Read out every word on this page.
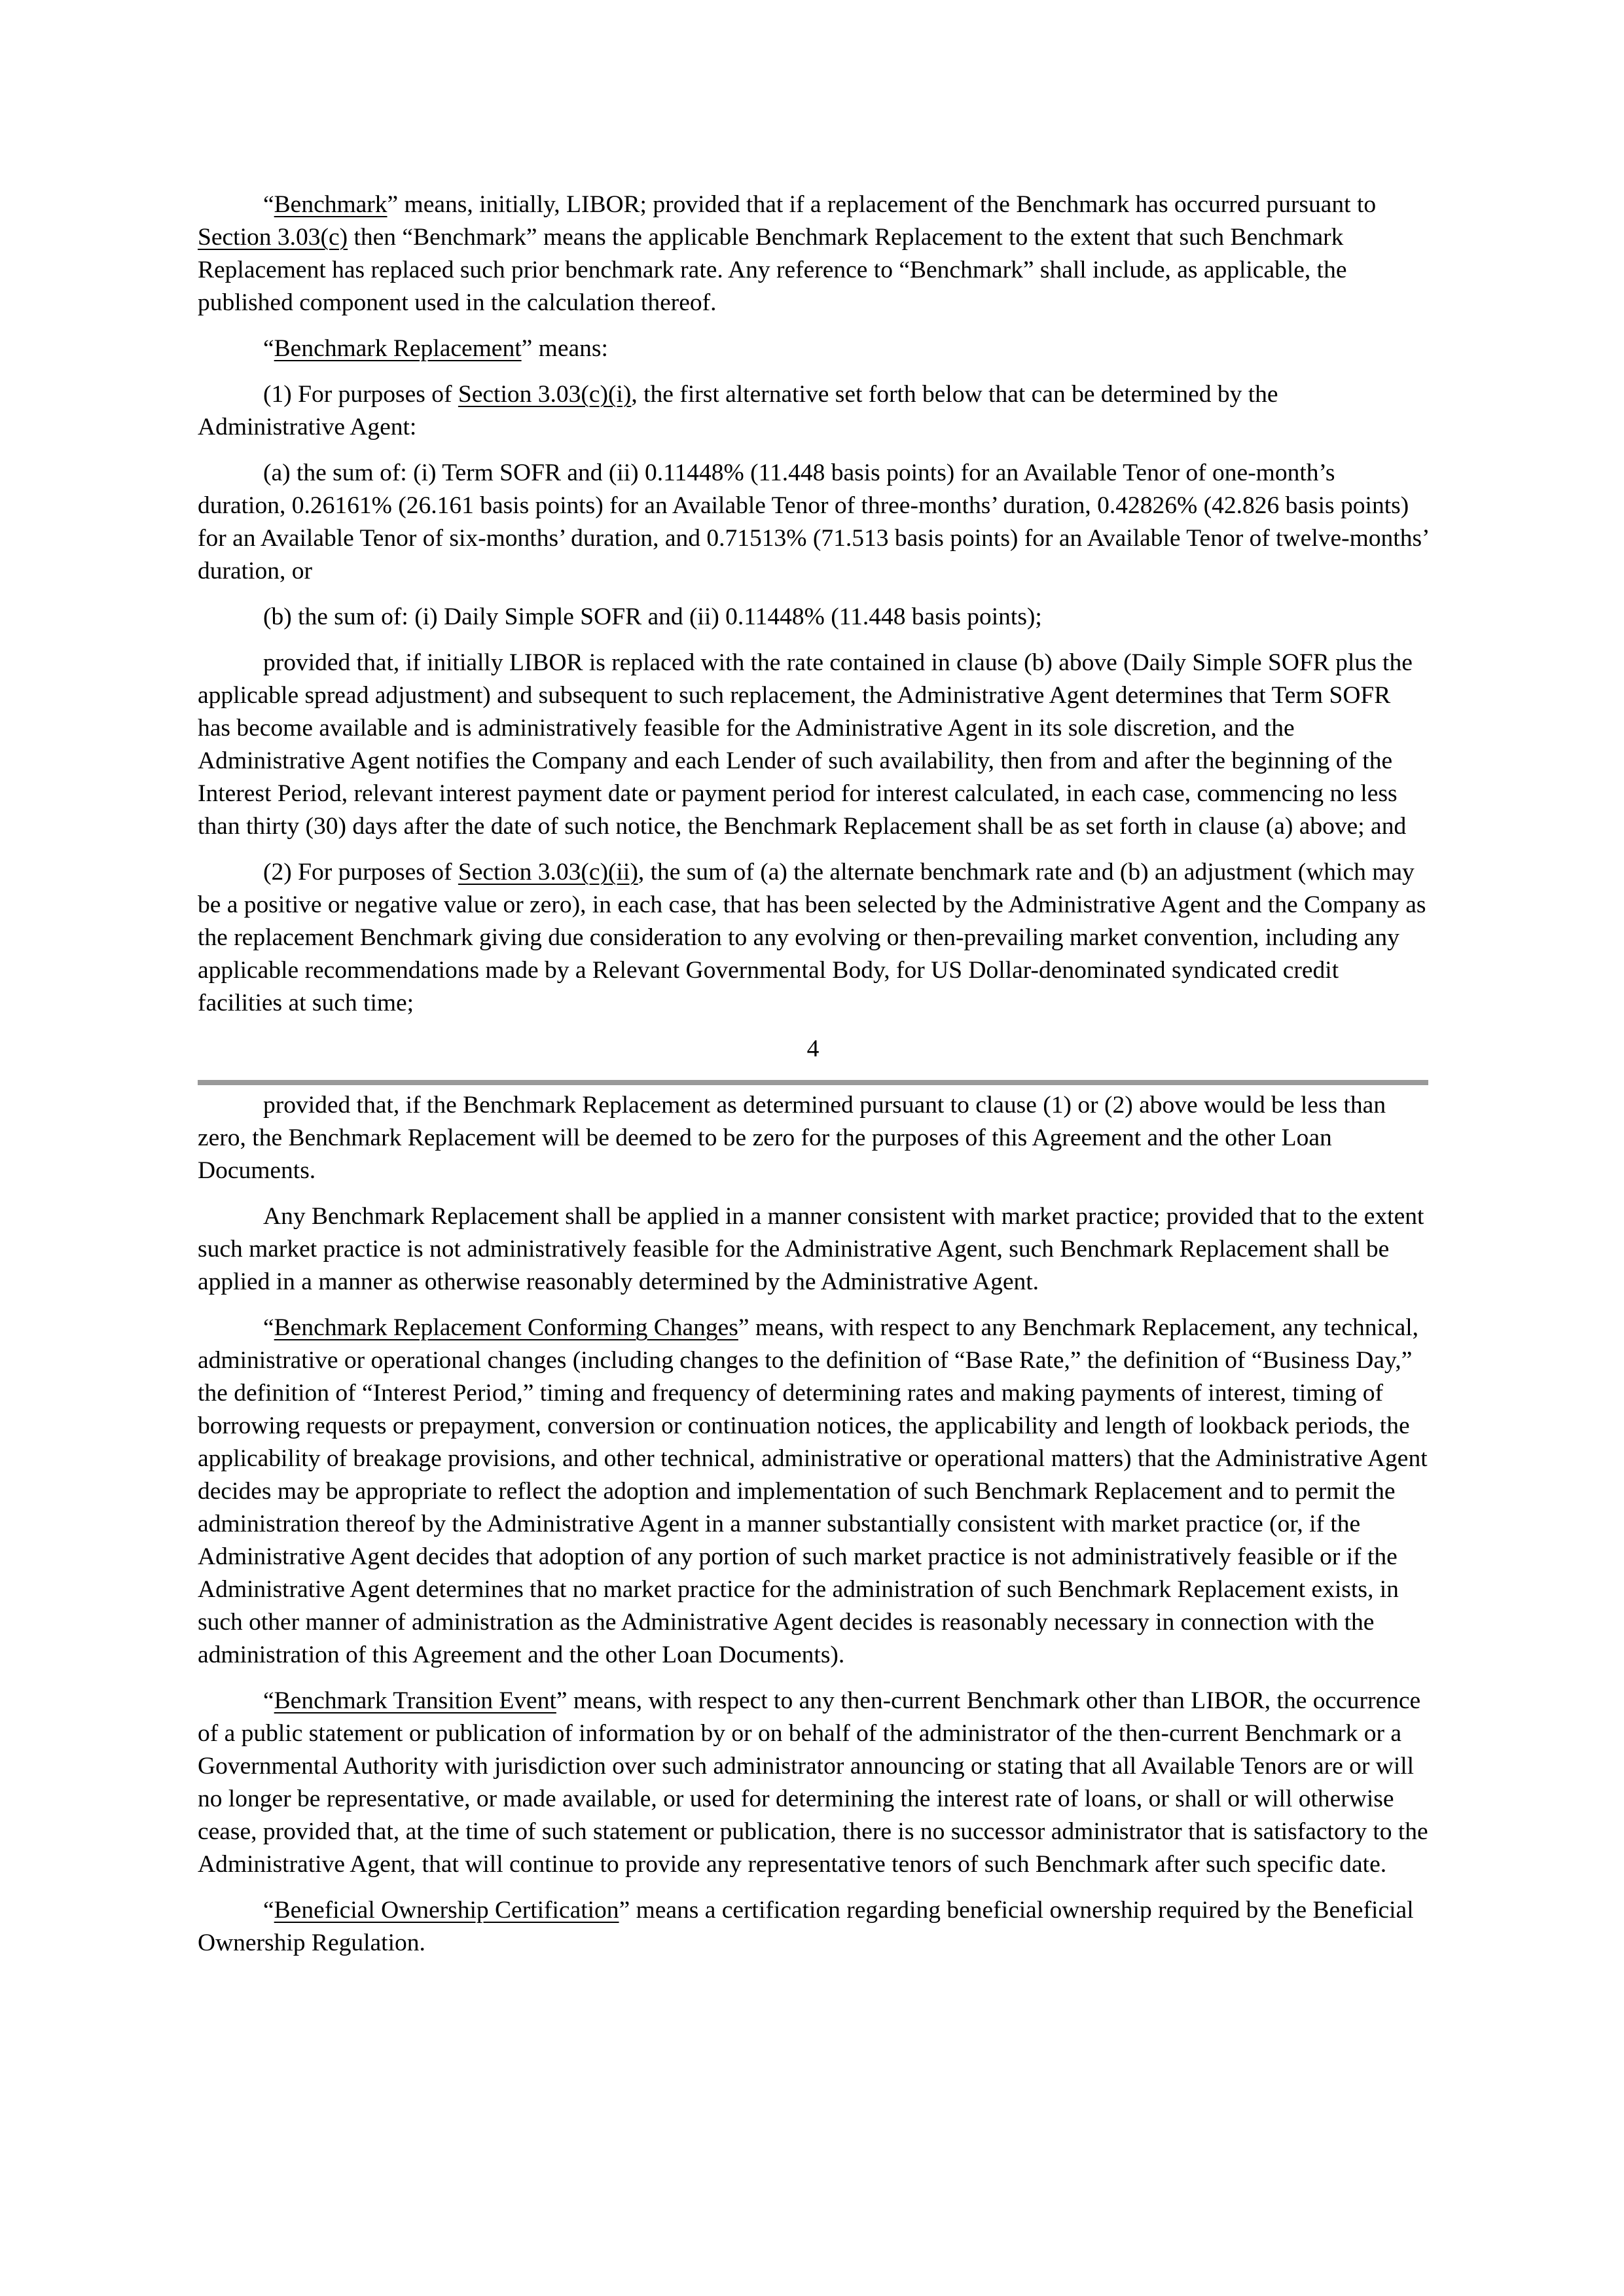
“Benchmark” means, initially, LIBOR; provided that if a replacement of the Benchmark has occurred pursuant to Section 3.03(c) then “Benchmark” means the applicable Benchmark Replacement to the extent that such Benchmark Replacement has replaced such prior benchmark rate. Any reference to “Benchmark” shall include, as applicable, the published component used in the calculation thereof.

“Benchmark Replacement” means:

(1) For purposes of Section 3.03(c)(i), the first alternative set forth below that can be determined by the Administrative Agent:

(a) the sum of: (i) Term SOFR and (ii) 0.11448% (11.448 basis points) for an Available Tenor of one-month’s duration, 0.26161% (26.161 basis points) for an Available Tenor of three-months’ duration, 0.42826% (42.826 basis points) for an Available Tenor of six-months’ duration, and 0.71513% (71.513 basis points) for an Available Tenor of twelve-months’ duration, or

(b) the sum of: (i) Daily Simple SOFR and (ii) 0.11448% (11.448 basis points);

provided that, if initially LIBOR is replaced with the rate contained in clause (b) above (Daily Simple SOFR plus the applicable spread adjustment) and subsequent to such replacement, the Administrative Agent determines that Term SOFR has become available and is administratively feasible for the Administrative Agent in its sole discretion, and the Administrative Agent notifies the Company and each Lender of such availability, then from and after the beginning of the Interest Period, relevant interest payment date or payment period for interest calculated, in each case, commencing no less than thirty (30) days after the date of such notice, the Benchmark Replacement shall be as set forth in clause (a) above; and

(2) For purposes of Section 3.03(c)(ii), the sum of (a) the alternate benchmark rate and (b) an adjustment (which may be a positive or negative value or zero), in each case, that has been selected by the Administrative Agent and the Company as the replacement Benchmark giving due consideration to any evolving or then-prevailing market convention, including any applicable recommendations made by a Relevant Governmental Body, for US Dollar-denominated syndicated credit facilities at such time;

4

provided that, if the Benchmark Replacement as determined pursuant to clause (1) or (2) above would be less than zero, the Benchmark Replacement will be deemed to be zero for the purposes of this Agreement and the other Loan Documents.

Any Benchmark Replacement shall be applied in a manner consistent with market practice; provided that to the extent such market practice is not administratively feasible for the Administrative Agent, such Benchmark Replacement shall be applied in a manner as otherwise reasonably determined by the Administrative Agent.

“Benchmark Replacement Conforming Changes” means, with respect to any Benchmark Replacement, any technical, administrative or operational changes (including changes to the definition of “Base Rate,” the definition of “Business Day,” the definition of “Interest Period,” timing and frequency of determining rates and making payments of interest, timing of borrowing requests or prepayment, conversion or continuation notices, the applicability and length of lookback periods, the applicability of breakage provisions, and other technical, administrative or operational matters) that the Administrative Agent decides may be appropriate to reflect the adoption and implementation of such Benchmark Replacement and to permit the administration thereof by the Administrative Agent in a manner substantially consistent with market practice (or, if the Administrative Agent decides that adoption of any portion of such market practice is not administratively feasible or if the Administrative Agent determines that no market practice for the administration of such Benchmark Replacement exists, in such other manner of administration as the Administrative Agent decides is reasonably necessary in connection with the administration of this Agreement and the other Loan Documents).

“Benchmark Transition Event” means, with respect to any then-current Benchmark other than LIBOR, the occurrence of a public statement or publication of information by or on behalf of the administrator of the then-current Benchmark or a Governmental Authority with jurisdiction over such administrator announcing or stating that all Available Tenors are or will no longer be representative, or made available, or used for determining the interest rate of loans, or shall or will otherwise cease, provided that, at the time of such statement or publication, there is no successor administrator that is satisfactory to the Administrative Agent, that will continue to provide any representative tenors of such Benchmark after such specific date.

“Beneficial Ownership Certification” means a certification regarding beneficial ownership required by the Beneficial Ownership Regulation.
